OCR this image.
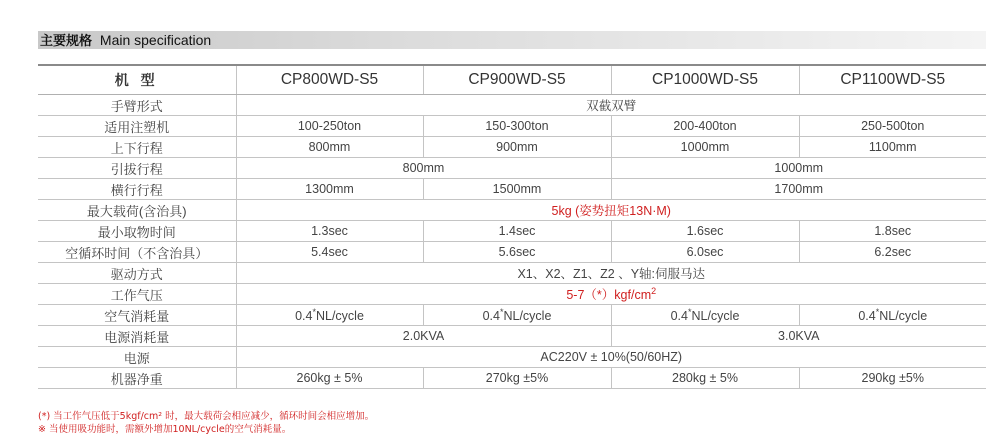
主要规格 Main specification
机 型	CP800WD-S5	CP900WD-S5	CP1000WD-S5	CP1100WD-S5
手臂形式	双截双臂			
适用注塑机	100-250ton	150-300ton	200-400ton	250-500ton
上下行程	800mm	900mm	1000mm	1100mm
引拔行程	800mm		1000mm	
横行行程	1300mm	1500mm	1700mm	
最大载荷(含治具)	5kg (姿势扭矩13N·M)			
最小取物时间	1.3sec	1.4sec	1.6sec	1.8sec
空循环时间（不含治具）	5.4sec	5.6sec	6.0sec	6.2sec
驱动方式	X1、X2、Z1、Z2 、Y轴:伺服马达			
工作气压	$5-7(*)kgf/cm^2$
空气消耗量	0.4*NL/cycle	0.4*NL/cycle	0.4*NL/cycle	0.4*NL/cycle
电源消耗量	2.0KVA		3.0KVA	
电源	AC220V ± 10%(50/60HZ)			
机器净重	260kg ± 5%	270kg ±5%	280kg ± 5%	290kg ±5%
(*) 当工作气压低于5kgf/cm² 时，最大载荷会相应减少，循环时间会相应增加。
※ 当使用吸功能时，需额外增加10NL/cycle的空气消耗量。
